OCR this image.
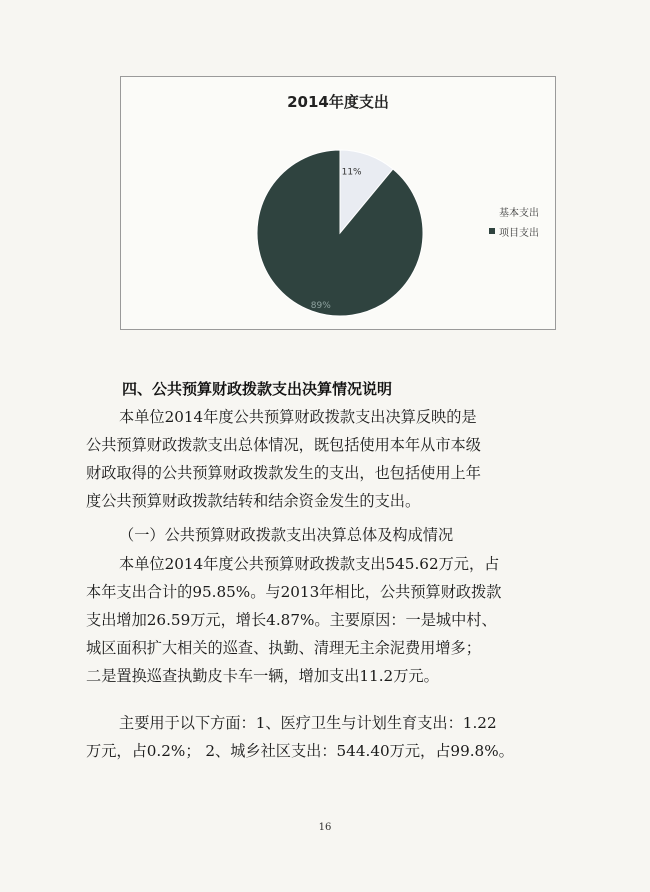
2014年度支出
11%
89%
基本支出
项目支出
四、公共预算财政拨款支出决算情况说明
本单位2014年度公共预算财政拨款支出决算反映的是
公共预算财政拨款支出总体情况，既包括使用本年从市本级
财政取得的公共预算财政拨款发生的支出，也包括使用上年
度公共预算财政拨款结转和结余资金发生的支出。
（一）公共预算财政拨款支出决算总体及构成情况
本单位2014年度公共预算财政拨款支出545.62万元，占
本年支出合计的95.85%。与2013年相比，公共预算财政拨款
支出增加26.59万元，增长4.87%。主要原因：一是城中村、
城区面积扩大相关的巡查、执勤、清理无主余泥费用增多；
二是置换巡查执勤皮卡车一辆，增加支出11.2万元。
主要用于以下方面：1、医疗卫生与计划生育支出：1.22
万元，占0.2%； 2、城乡社区支出：544.40万元，占99.8%。
16
